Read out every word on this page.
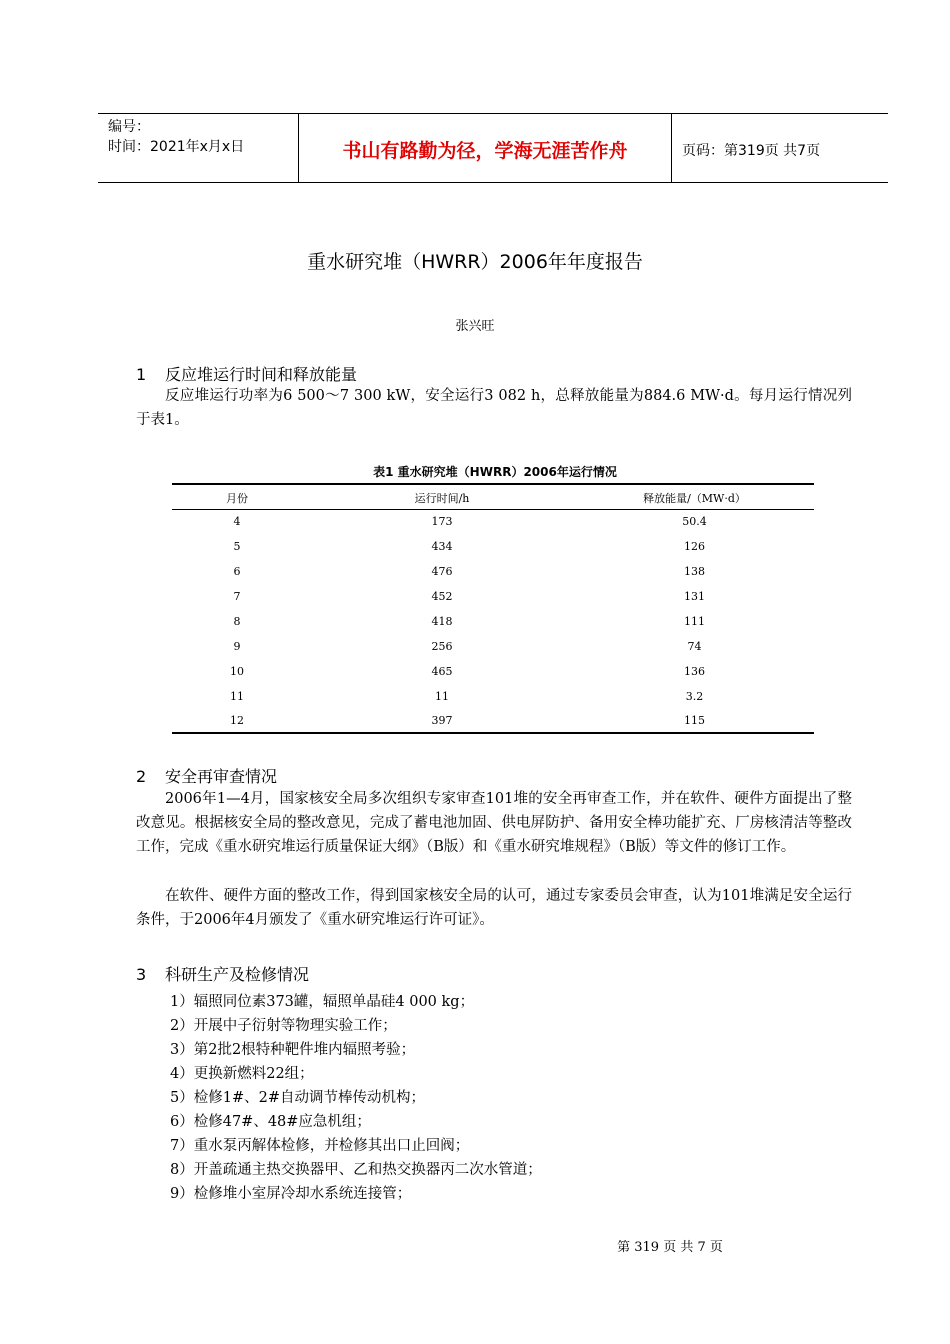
编号：
时间：2021年x月x日	书山有路勤为径，学海无涯苦作舟	页码：第319页 共7页
重水研究堆（HWRR）2006年年度报告
张兴旺
1 反应堆运行时间和释放能量

反应堆运行功率为6 500～7 300 kW，安全运行3 082 h，总释放能量为884.6 MW·d。每月运行情况列于表1。

表1 重水研究堆（HWRR）2006年运行情况
月份	运行时间/h	释放能量/（MW·d）
4	173	50.4
5	434	126
6	476	138
7	452	131
8	418	111
9	256	74
10	465	136
11	11	3.2
12	397	115
2 安全再审查情况

2006年1—4月，国家核安全局多次组织专家审查101堆的安全再审查工作，并在软件、硬件方面提出了整改意见。根据核安全局的整改意见，完成了蓄电池加固、供电屏防护、备用安全棒功能扩充、厂房核清洁等整改工作，完成《重水研究堆运行质量保证大纲》（B版）和《重水研究堆规程》（B版）等文件的修订工作。

在软件、硬件方面的整改工作，得到国家核安全局的认可，通过专家委员会审查，认为101堆满足安全运行条件，于2006年4月颁发了《重水研究堆运行许可证》。

3 科研生产及检修情况
1）辐照同位素373罐，辐照单晶硅4 000 kg；
2）开展中子衍射等物理实验工作；
3）第2批2根特种靶件堆内辐照考验；
4）更换新燃料22组；
5）检修1#、2#自动调节棒传动机构；
6）检修47#、48#应急机组；
7）重水泵丙解体检修，并检修其出口止回阀；
8）开盖疏通主热交换器甲、乙和热交换器丙二次水管道；
9）检修堆小室屏冷却水系统连接管；
第 319 页 共 7 页
